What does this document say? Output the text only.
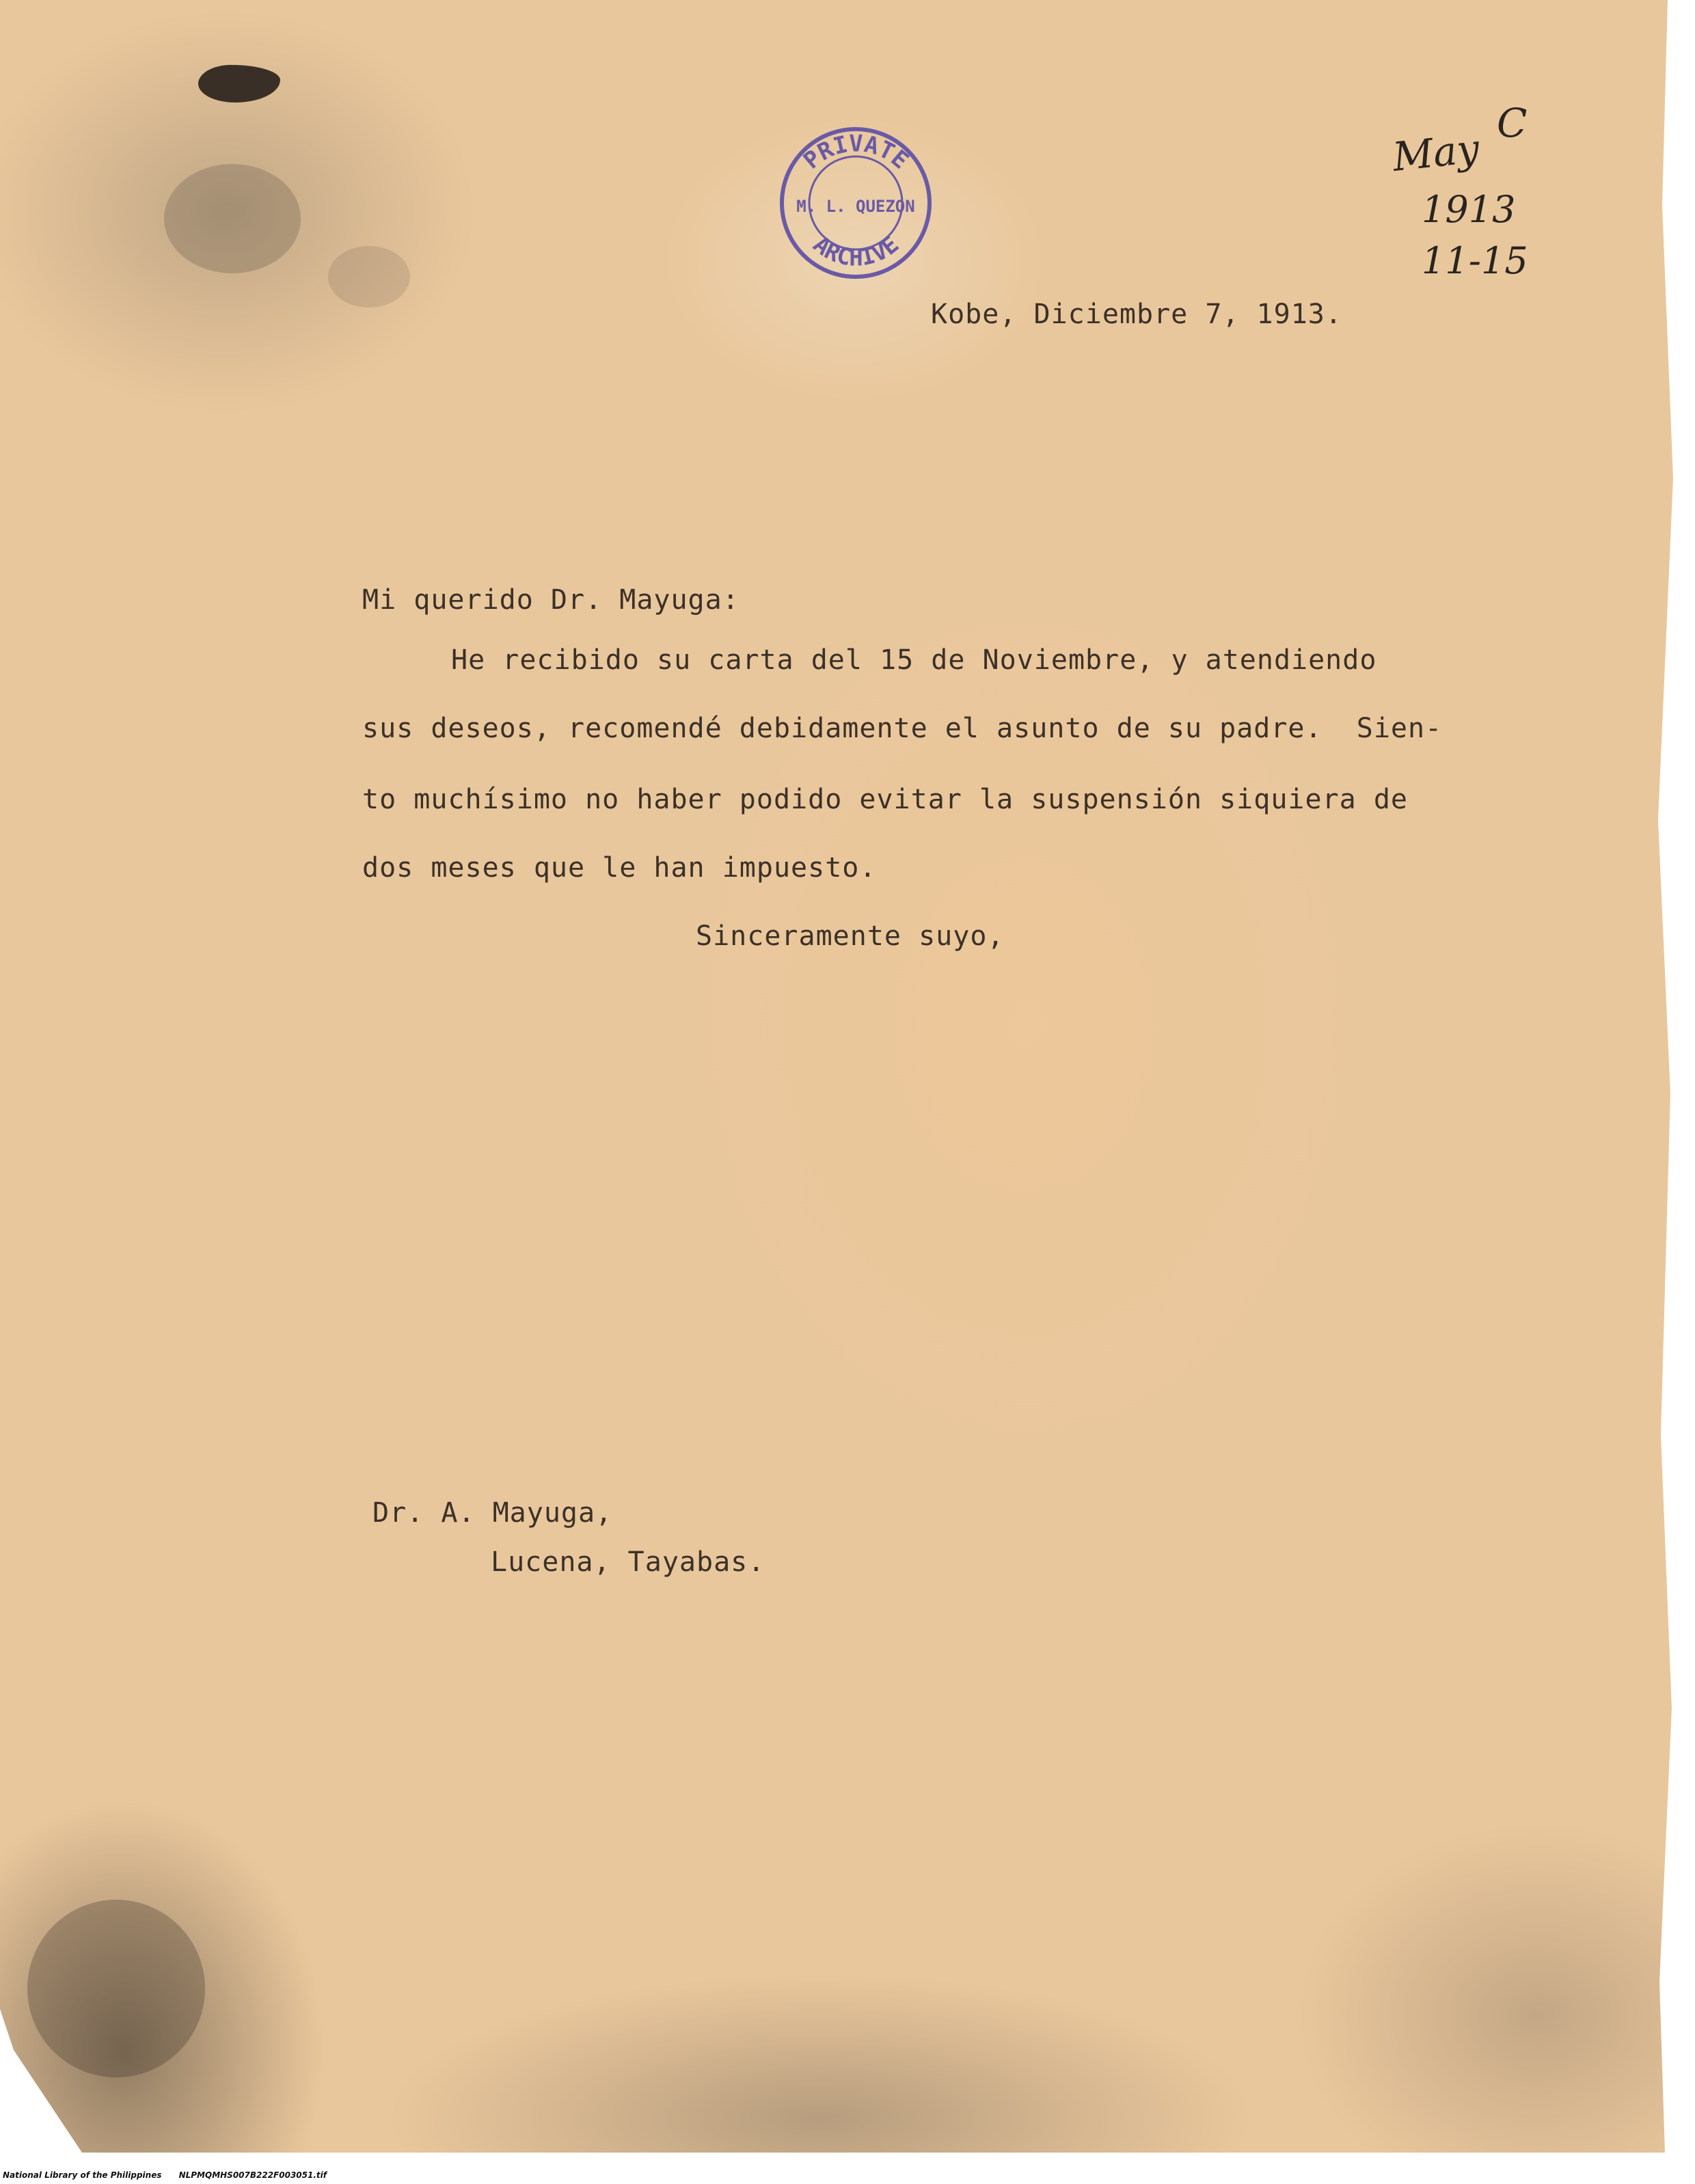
PRIVATE
M. L. QUEZON
ARCHIVE
C
May
1913
11-15
Kobe, Diciembre 7, 1913.
Mi querido Dr. Mayuga:
He recibido su carta del 15 de Noviembre, y atendiendo
sus deseos, recomendé debidamente el asunto de su padre.  Sien-
to muchísimo no haber podido evitar la suspensión siquiera de
dos meses que le han impuesto.
Sinceramente suyo,
Dr. A. Mayuga,
Lucena, Tayabas.
National Library of the Philippines NLPMQMHS007B222F003051.tif
